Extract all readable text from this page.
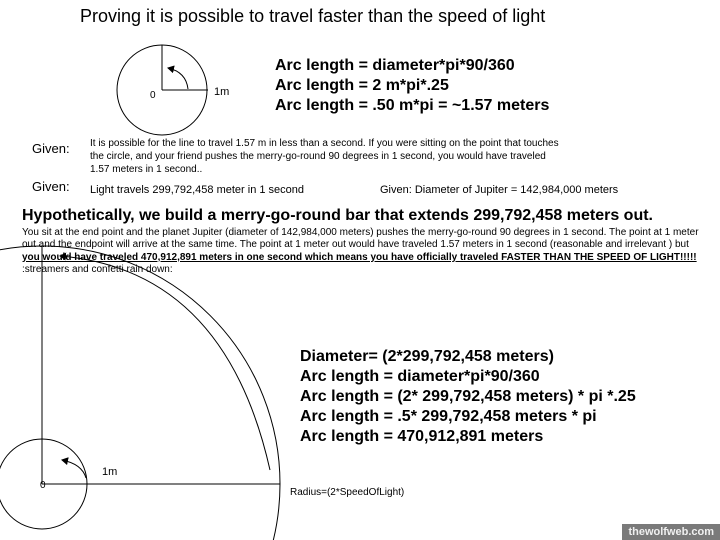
Proving it is possible to travel faster than the speed of light
0	1m
Arc length = diameter*pi*90/360
Arc length = 2 m*pi*.25
Arc length = .50 m*pi = ~1.57 meters
Given: It is possible for the line to travel 1.57 m in less than a second. If you were sitting on the point that touches
the circle, and your friend pushes the merry-go-round 90 degrees in 1 second, you would have traveled
1.57 meters in 1 second..
Given: Light travels 299,792,458 meter in 1 second	Given: Diameter of Jupiter = 142,984,000 meters
Hypothetically, we build a merry-go-round bar that extends 299,792,458 meters out.
You sit at the end point and the planet Jupiter (diameter of 142,984,000 meters) pushes the merry-go-round 90 degrees in 1 second. The point at 1 meter out and the endpoint will arrive at the same time. The point at 1 meter out would have traveled 1.57 meters in 1 second (reasonable and irrelevant ) but you would have traveled 470,912,891 meters in one second which means you have officially traveled FASTER THAN THE SPEED OF LIGHT!!!!! :streamers and confetti rain down:
Diameter= (2*299,792,458 meters)
Arc length = diameter*pi*90/360
Arc length = (2* 299,792,458 meters) * pi *.25
Arc length = .5* 299,792,458 meters * pi
Arc length = 470,912,891 meters
0
1m
Radius=(2*SpeedOfLight)
thewolfweb.com
